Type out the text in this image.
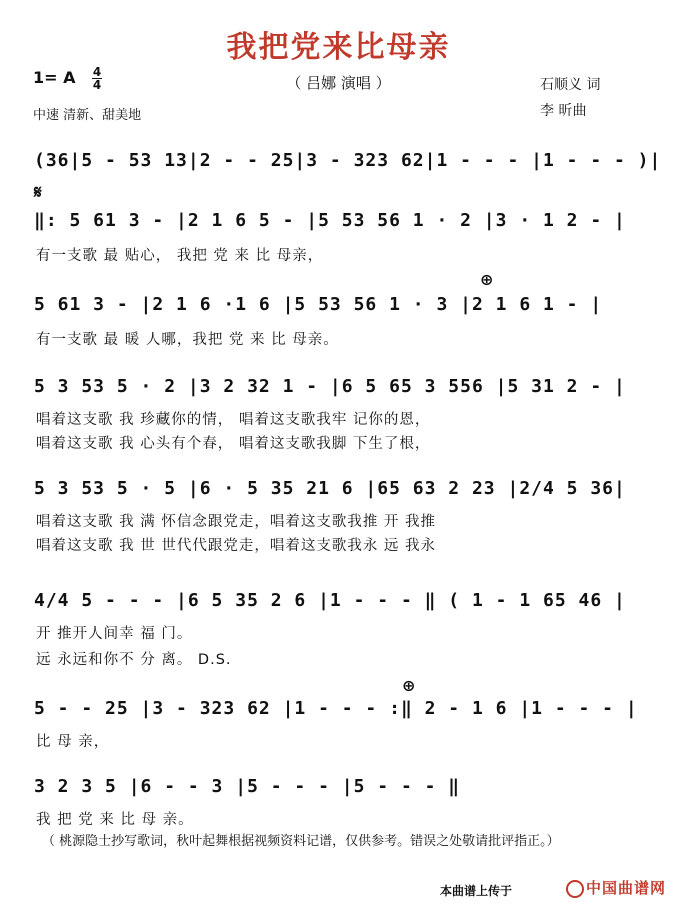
我把党来比母亲
1= A 4
4	（ 吕娜 演唱 ）	石顺义 词
李 昕曲
中速 清新、甜美地
(36|5 - 53 13|2 - - 25|3 - 323 62|1 - - - |1 - - - )|
𝄋
‖: 5 61 3 - |2 1 6 5 - |5 53 56 1 · 2 |3 · 1 2 - |
有一支歌 最 贴心， 我把 党 来 比 母亲，
⊕
5 61 3 - |2 1 6 ·1 6 |5 53 56 1 · 3 |2 1 6 1 - |
有一支歌 最 暖 人哪，我把 党 来 比 母亲。
5 3 53 5 · 2 |3 2 32 1 - |6 5 65 3 556 |5 31 2 - |
唱着这支歌 我 珍藏你的情， 唱着这支歌我牢 记你的恩，
唱着这支歌 我 心头有个春， 唱着这支歌我脚 下生了根，
5 3 53 5 · 5 |6 · 5 35 21 6 |65 63 2 23 |2/4 5 36|
唱着这支歌 我 满 怀信念跟党走，唱着这支歌我推 开 我推
唱着这支歌 我 世 世代代跟党走，唱着这支歌我永 远 我永
4/4 5 - - - |6 5 35 2 6 |1 - - - ‖ ( 1 - 1 65 46 |
开 推开人间幸 福 门。
远 永远和你不 分 离。 D.S.
⊕
5 - - 25 |3 - 323 62 |1 - - - :‖ 2 - 1 6 |1 - - - |
比 母 亲，
3 2 3 5 |6 - - 3 |5 - - - |5 - - - ‖
我 把 党 来 比 母 亲。
（ 桃源隐士抄写歌词，秋叶起舞根据视频资料记谱，仅供参考。错误之处敬请批评指正。）
本曲谱上传于	中国曲谱网
